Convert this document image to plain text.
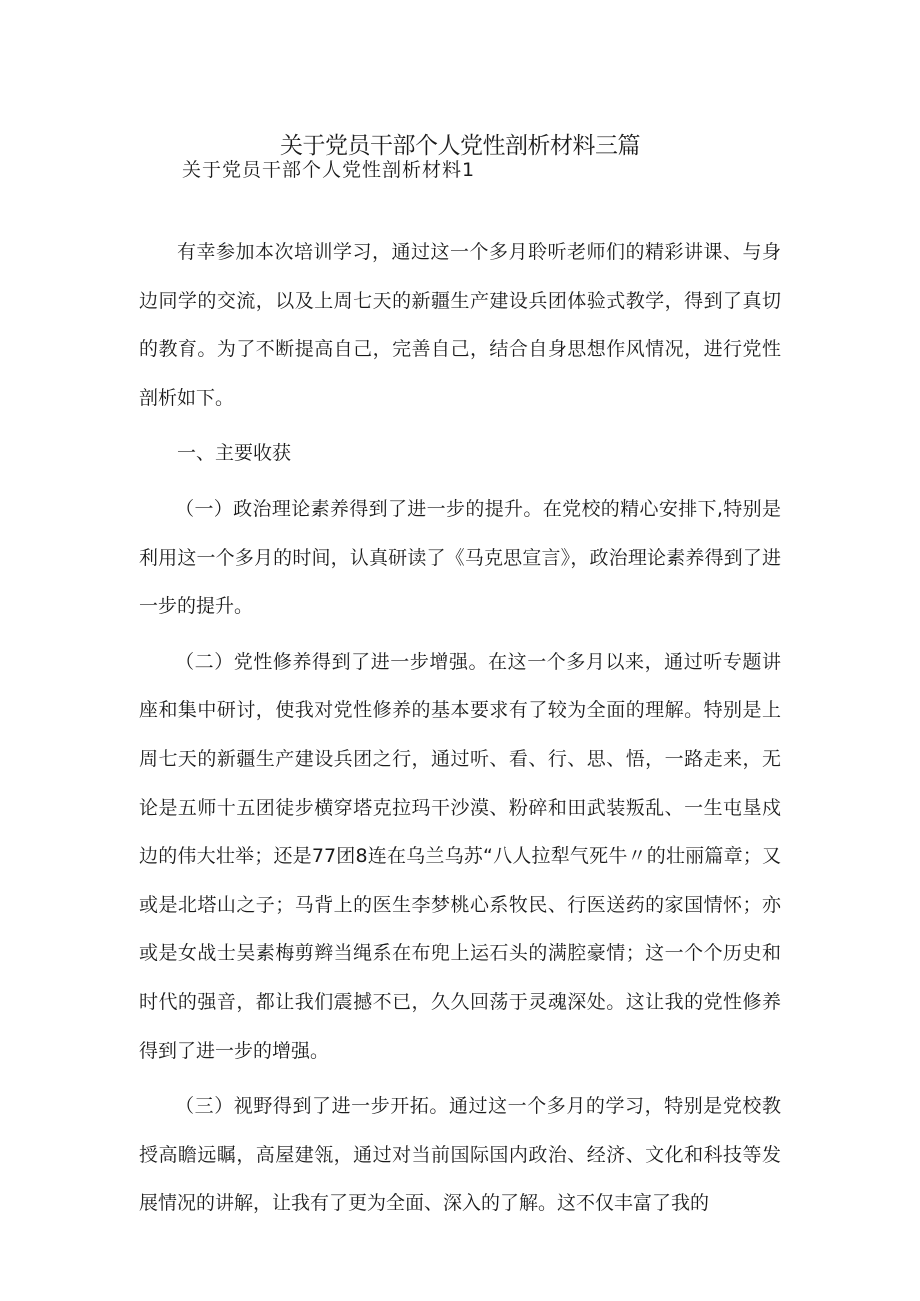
关于党员干部个人党性剖析材料三篇
关于党员干部个人党性剖析材料1

有幸参加本次培训学习，通过这一个多月聆听老师们的精彩讲课、与身边同学的交流，以及上周七天的新疆生产建设兵团体验式教学，得到了真切的教育。为了不断提高自己，完善自己，结合自身思想作风情况，进行党性剖析如下。

一、主要收获

（一）政治理论素养得到了进一步的提升。在党校的精心安排下,特别是利用这一个多月的时间，认真研读了《马克思宣言》，政治理论素养得到了进一步的提升。

（二）党性修养得到了进一步增强。在这一个多月以来，通过听专题讲座和集中研讨，使我对党性修养的基本要求有了较为全面的理解。特别是上周七天的新疆生产建设兵团之行，通过听、看、行、思、悟，一路走来，无论是五师十五团徒步横穿塔克拉玛干沙漠、粉碎和田武装叛乱、一生屯垦戍边的伟大壮举；还是77团8连在乌兰乌苏“八人拉犁气死牛〃的壮丽篇章；又或是北塔山之子；马背上的医生李梦桃心系牧民、行医送药的家国情怀；亦或是女战士吴素梅剪辫当绳系在布兜上运石头的满腔豪情；这一个个历史和时代的强音，都让我们震撼不已，久久回荡于灵魂深处。这让我的党性修养得到了进一步的增强。

（三）视野得到了进一步开拓。通过这一个多月的学习，特别是党校教授高瞻远瞩，高屋建瓴，通过对当前国际国内政治、经济、文化和科技等发展情况的讲解，让我有了更为全面、深入的了解。这不仅丰富了我的
